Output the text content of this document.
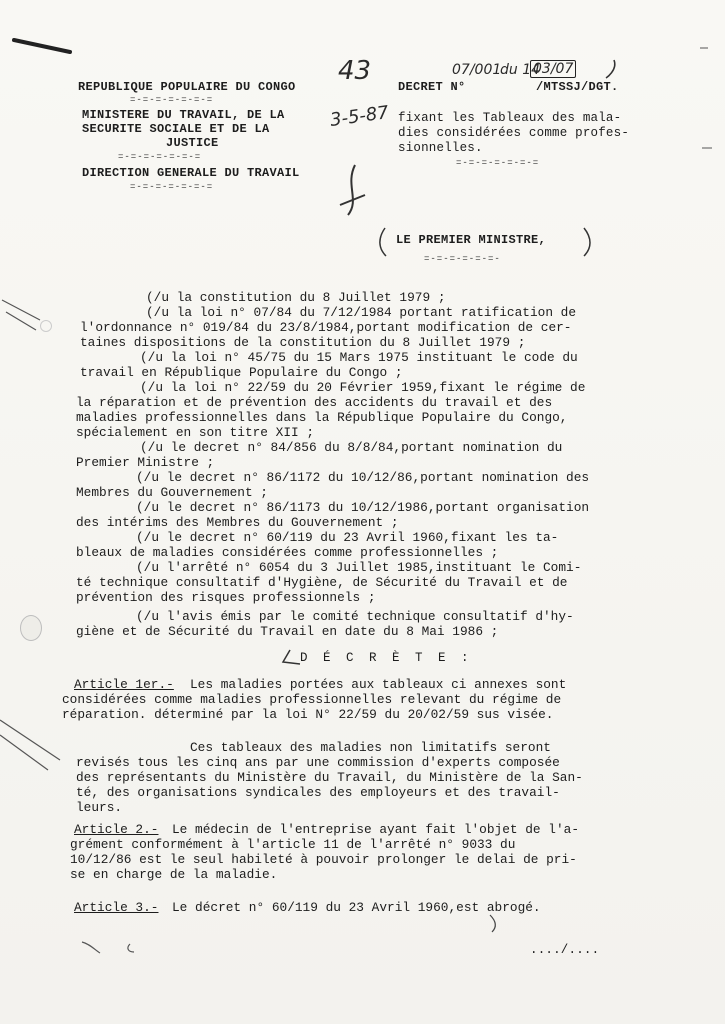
REPUBLIQUE POPULAIRE DU CONGO
=-=-=-=-=-=-=
MINISTERE DU TRAVAIL, DE LA
SECURITE SOCIALE ET DE LA
JUSTICE
=-=-=-=-=-=-=
DIRECTION GENERALE DU TRAVAIL
=-=-=-=-=-=-=
43
3-5-87
07/001
du 14
03/07
DECRET N°	/MTSSJ/DGT.
fixant les Tableaux des mala-
dies considérées comme profes-
sionnelles.
=-=-=-=-=-=-=
LE PREMIER MINISTRE,
=-=-=-=-=-=-
(/u la constitution du 8 Juillet 1979 ;
(/u la loi n° 07/84 du 7/12/1984 portant ratification de
l'ordonnance n° 019/84 du 23/8/1984,portant modification de cer-
taines dispositions de la constitution du 8 Juillet 1979 ;
(/u la loi n° 45/75 du 15 Mars 1975 instituant le code du
travail en République Populaire du Congo ;
(/u la loi n° 22/59 du 20 Février 1959,fixant le régime de
la réparation et de prévention des accidents du travail et des
maladies professionnelles dans la République Populaire du Congo,
spécialement en son titre XII ;
(/u le decret n° 84/856 du 8/8/84,portant nomination du
Premier Ministre ;
(/u le decret n° 86/1172 du 10/12/86,portant nomination des
Membres du Gouvernement ;
(/u le decret n° 86/1173 du 10/12/1986,portant organisation
des intérims des Membres du Gouvernement ;
(/u le decret n° 60/119 du 23 Avril 1960,fixant les ta-
bleaux de maladies considérées comme professionnelles ;
(/u l'arrêté n° 6054 du 3 Juillet 1985,instituant le Comi-
té technique consultatif d'Hygiène, de Sécurité du Travail et de
prévention des risques professionnels ;
(/u l'avis émis par le comité technique consultatif d'hy-
giène et de Sécurité du Travail en date du 8 Mai 1986 ;
D É C R È T E :
Article 1er.- Les maladies portées aux tableaux ci annexes sont
considérées comme maladies professionnelles relevant du régime de
réparation. déterminé par la loi N° 22/59 du 20/02/59 sus visée.
Ces tableaux des maladies non limitatifs seront
revisés tous les cinq ans par une commission d'experts composée
des représentants du Ministère du Travail, du Ministère de la San-
té, des organisations syndicales des employeurs et des travail-
leurs.
Article 2.- Le médecin de l'entreprise ayant fait l'objet de l'a-
grément conformément à l'article 11 de l'arrêté n° 9033 du
10/12/86 est le seul habileté à pouvoir prolonger le delai de pri-
se en charge de la maladie.
Article 3.- Le décret n° 60/119 du 23 Avril 1960,est abrogé.
..../....
